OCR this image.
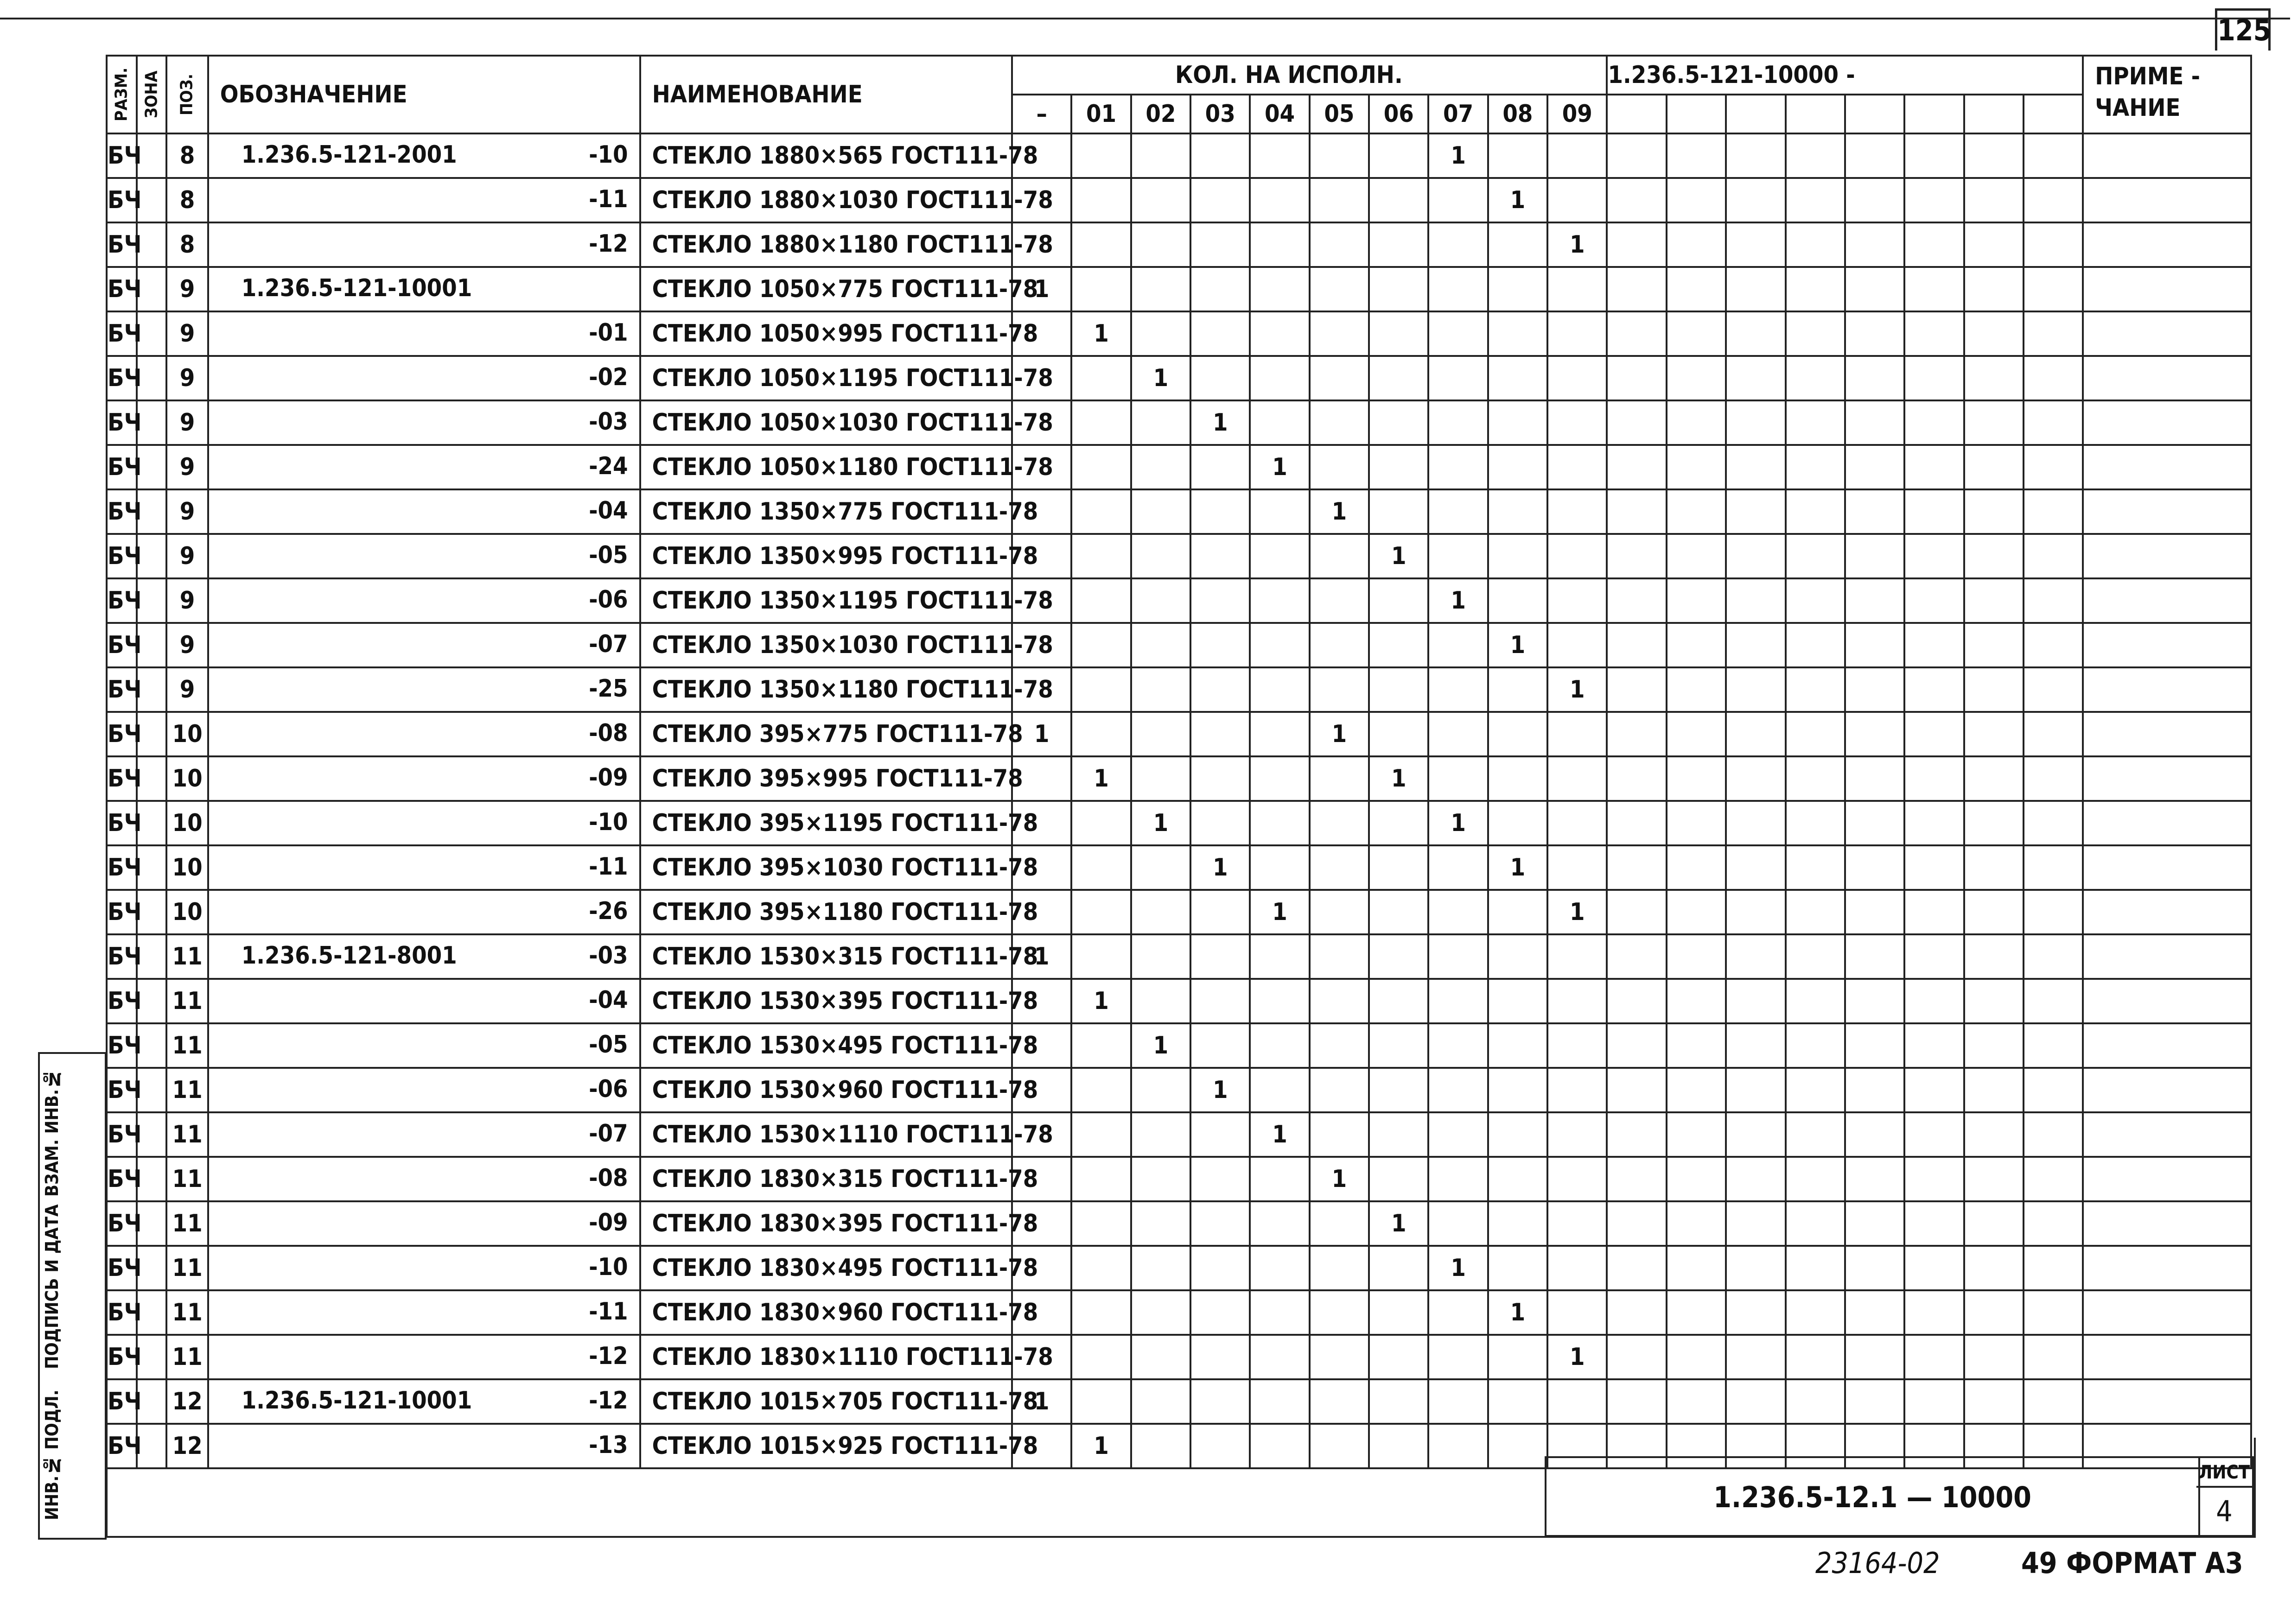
125
РАЗМ.	ЗОНА	ПОЗ.	ОБОЗНАЧЕНИЕ	НАИМЕНОВАНИЕ	КОЛ. НА ИСПОЛН.										1.236.5-121-10000 -								ПРИМЕ - ЧАНИЕ
					–	01	02	03	04	05	06	07	08	09									
БЧ		8	1.236.5-121-2001 -10	СТЕКЛО 1880×565 ГОСТ111-78								1											
БЧ		8	-11	СТЕКЛО 1880×1030 ГОСТ111-78									1										
БЧ		8	-12	СТЕКЛО 1880×1180 ГОСТ111-78										1									
БЧ		9	1.236.5-121-10001	СТЕКЛО 1050×775 ГОСТ111-78	1																		
БЧ		9	-01	СТЕКЛО 1050×995 ГОСТ111-78		1																	
БЧ		9	-02	СТЕКЛО 1050×1195 ГОСТ111-78			1																
БЧ		9	-03	СТЕКЛО 1050×1030 ГОСТ111-78				1															
БЧ		9	-24	СТЕКЛО 1050×1180 ГОСТ111-78					1														
БЧ		9	-04	СТЕКЛО 1350×775 ГОСТ111-78						1													
БЧ		9	-05	СТЕКЛО 1350×995 ГОСТ111-78							1												
БЧ		9	-06	СТЕКЛО 1350×1195 ГОСТ111-78								1											
БЧ		9	-07	СТЕКЛО 1350×1030 ГОСТ111-78									1										
БЧ		9	-25	СТЕКЛО 1350×1180 ГОСТ111-78										1									
БЧ		10	-08	СТЕКЛО 395×775 ГОСТ111-78	1					1													
БЧ		10	-09	СТЕКЛО 395×995 ГОСТ111-78		1					1												
БЧ		10	-10	СТЕКЛО 395×1195 ГОСТ111-78			1					1											
БЧ		10	-11	СТЕКЛО 395×1030 ГОСТ111-78				1					1										
БЧ		10	-26	СТЕКЛО 395×1180 ГОСТ111-78					1					1									
БЧ		11	1.236.5-121-8001 -03	СТЕКЛО 1530×315 ГОСТ111-78	1																		
БЧ		11	-04	СТЕКЛО 1530×395 ГОСТ111-78		1																	
БЧ		11	-05	СТЕКЛО 1530×495 ГОСТ111-78			1																
БЧ		11	-06	СТЕКЛО 1530×960 ГОСТ111-78				1															
БЧ		11	-07	СТЕКЛО 1530×1110 ГОСТ111-78					1														
БЧ		11	-08	СТЕКЛО 1830×315 ГОСТ111-78						1													
БЧ		11	-09	СТЕКЛО 1830×395 ГОСТ111-78							1												
БЧ		11	-10	СТЕКЛО 1830×495 ГОСТ111-78								1											
БЧ		11	-11	СТЕКЛО 1830×960 ГОСТ111-78									1										
БЧ		11	-12	СТЕКЛО 1830×1110 ГОСТ111-78										1									
БЧ		12	1.236.5-121-10001 -12	СТЕКЛО 1015×705 ГОСТ111-78	1																		
БЧ		12	-13	СТЕКЛО 1015×925 ГОСТ111-78		1																	
1.236.5-12.1 — 10000
ЛИСТ
4
ИНВ.№ ПОДЛ.
ПОДПИСЬ И ДАТА
ВЗАМ. ИНВ.№
23164-02	49 ФОРМАТ А3
